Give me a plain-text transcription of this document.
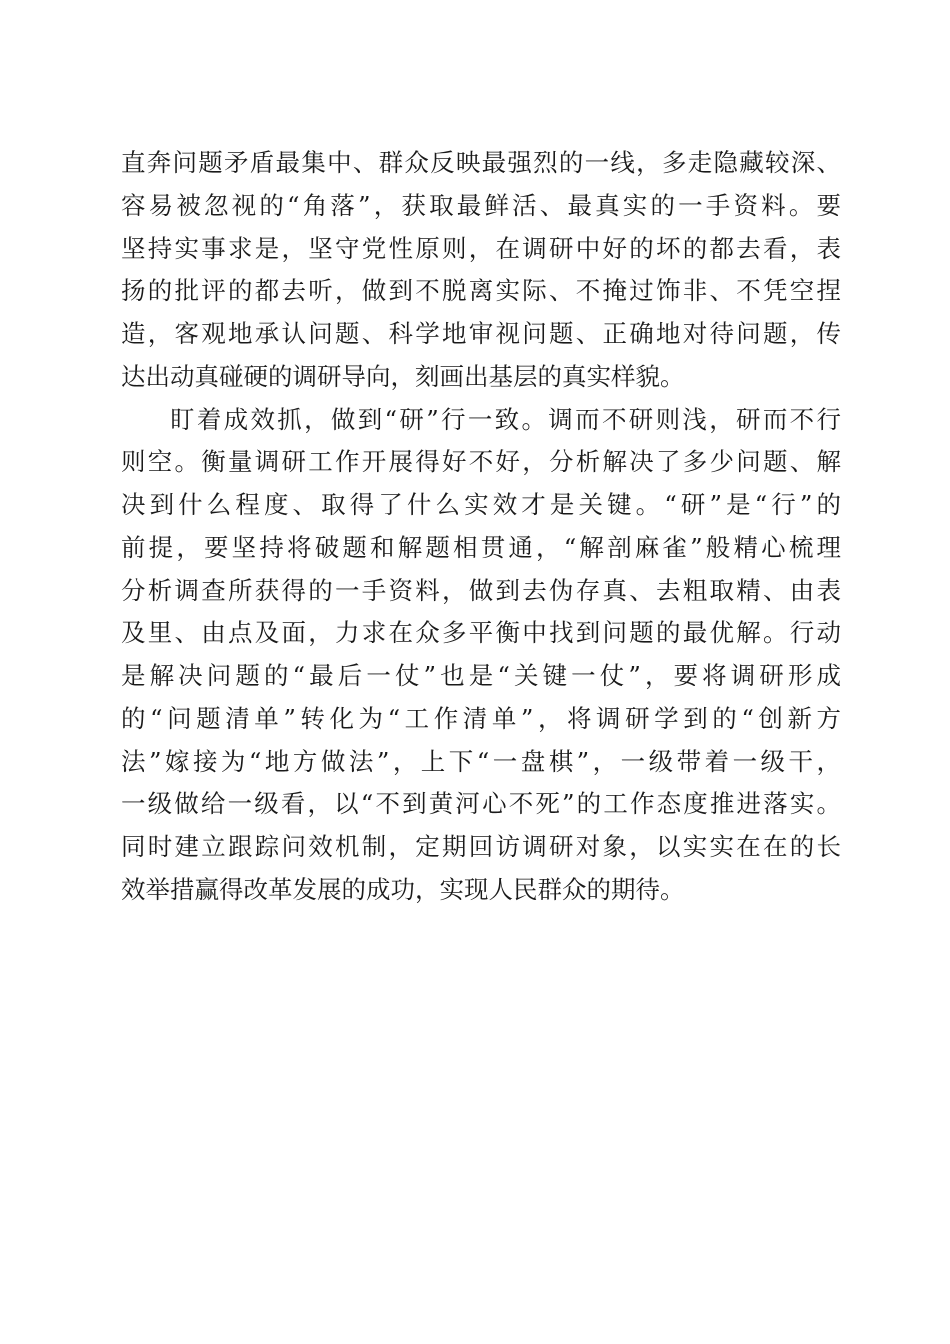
直奔问题矛盾最集中、群众反映最强烈的一线，多走隐藏较深、
容易被忽视的“角落”，获取最鲜活、最真实的一手资料。要
坚持实事求是，坚守党性原则，在调研中好的坏的都去看，表
扬的批评的都去听，做到不脱离实际、不掩过饰非、不凭空捏
造，客观地承认问题、科学地审视问题、正确地对待问题，传
达出动真碰硬的调研导向，刻画出基层的真实样貌。
盯着成效抓，做到“研”行一致。调而不研则浅，研而不行
则空。衡量调研工作开展得好不好，分析解决了多少问题、解
决到什么程度、取得了什么实效才是关键。“研”是“行”的
前提，要坚持将破题和解题相贯通，“解剖麻雀”般精心梳理
分析调查所获得的一手资料，做到去伪存真、去粗取精、由表
及里、由点及面，力求在众多平衡中找到问题的最优解。行动
是解决问题的“最后一仗”也是“关键一仗”，要将调研形成
的“问题清单”转化为“工作清单”，将调研学到的“创新方
法”嫁接为“地方做法”，上下“一盘棋”，一级带着一级干，
一级做给一级看，以“不到黄河心不死”的工作态度推进落实。
同时建立跟踪问效机制，定期回访调研对象，以实实在在的长
效举措赢得改革发展的成功，实现人民群众的期待。
